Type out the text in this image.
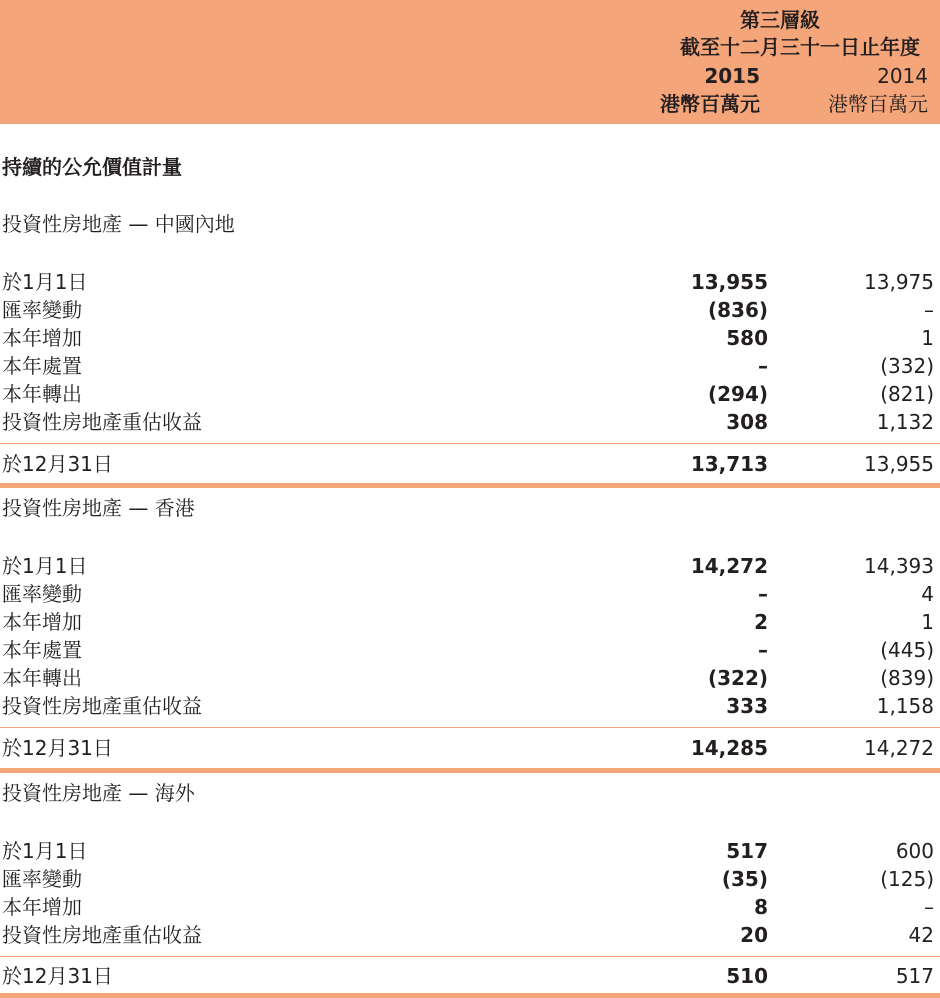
第三層級
截至十二月三十一日止年度
2015	2014
港幣百萬元	港幣百萬元
持續的公允價值計量
投資性房地產 — 中國內地
於1月1日	13,955	13,975
匯率變動	(836)	–
本年增加	580	1
本年處置	–	(332)
本年轉出	(294)	(821)
投資性房地產重估收益	308	1,132
於12月31日	13,713	13,955
投資性房地產 — 香港
於1月1日	14,272	14,393
匯率變動	–	4
本年增加	2	1
本年處置	–	(445)
本年轉出	(322)	(839)
投資性房地產重估收益	333	1,158
於12月31日	14,285	14,272
投資性房地產 — 海外
於1月1日	517	600
匯率變動	(35)	(125)
本年增加	8	–
投資性房地產重估收益	20	42
於12月31日	510	517
